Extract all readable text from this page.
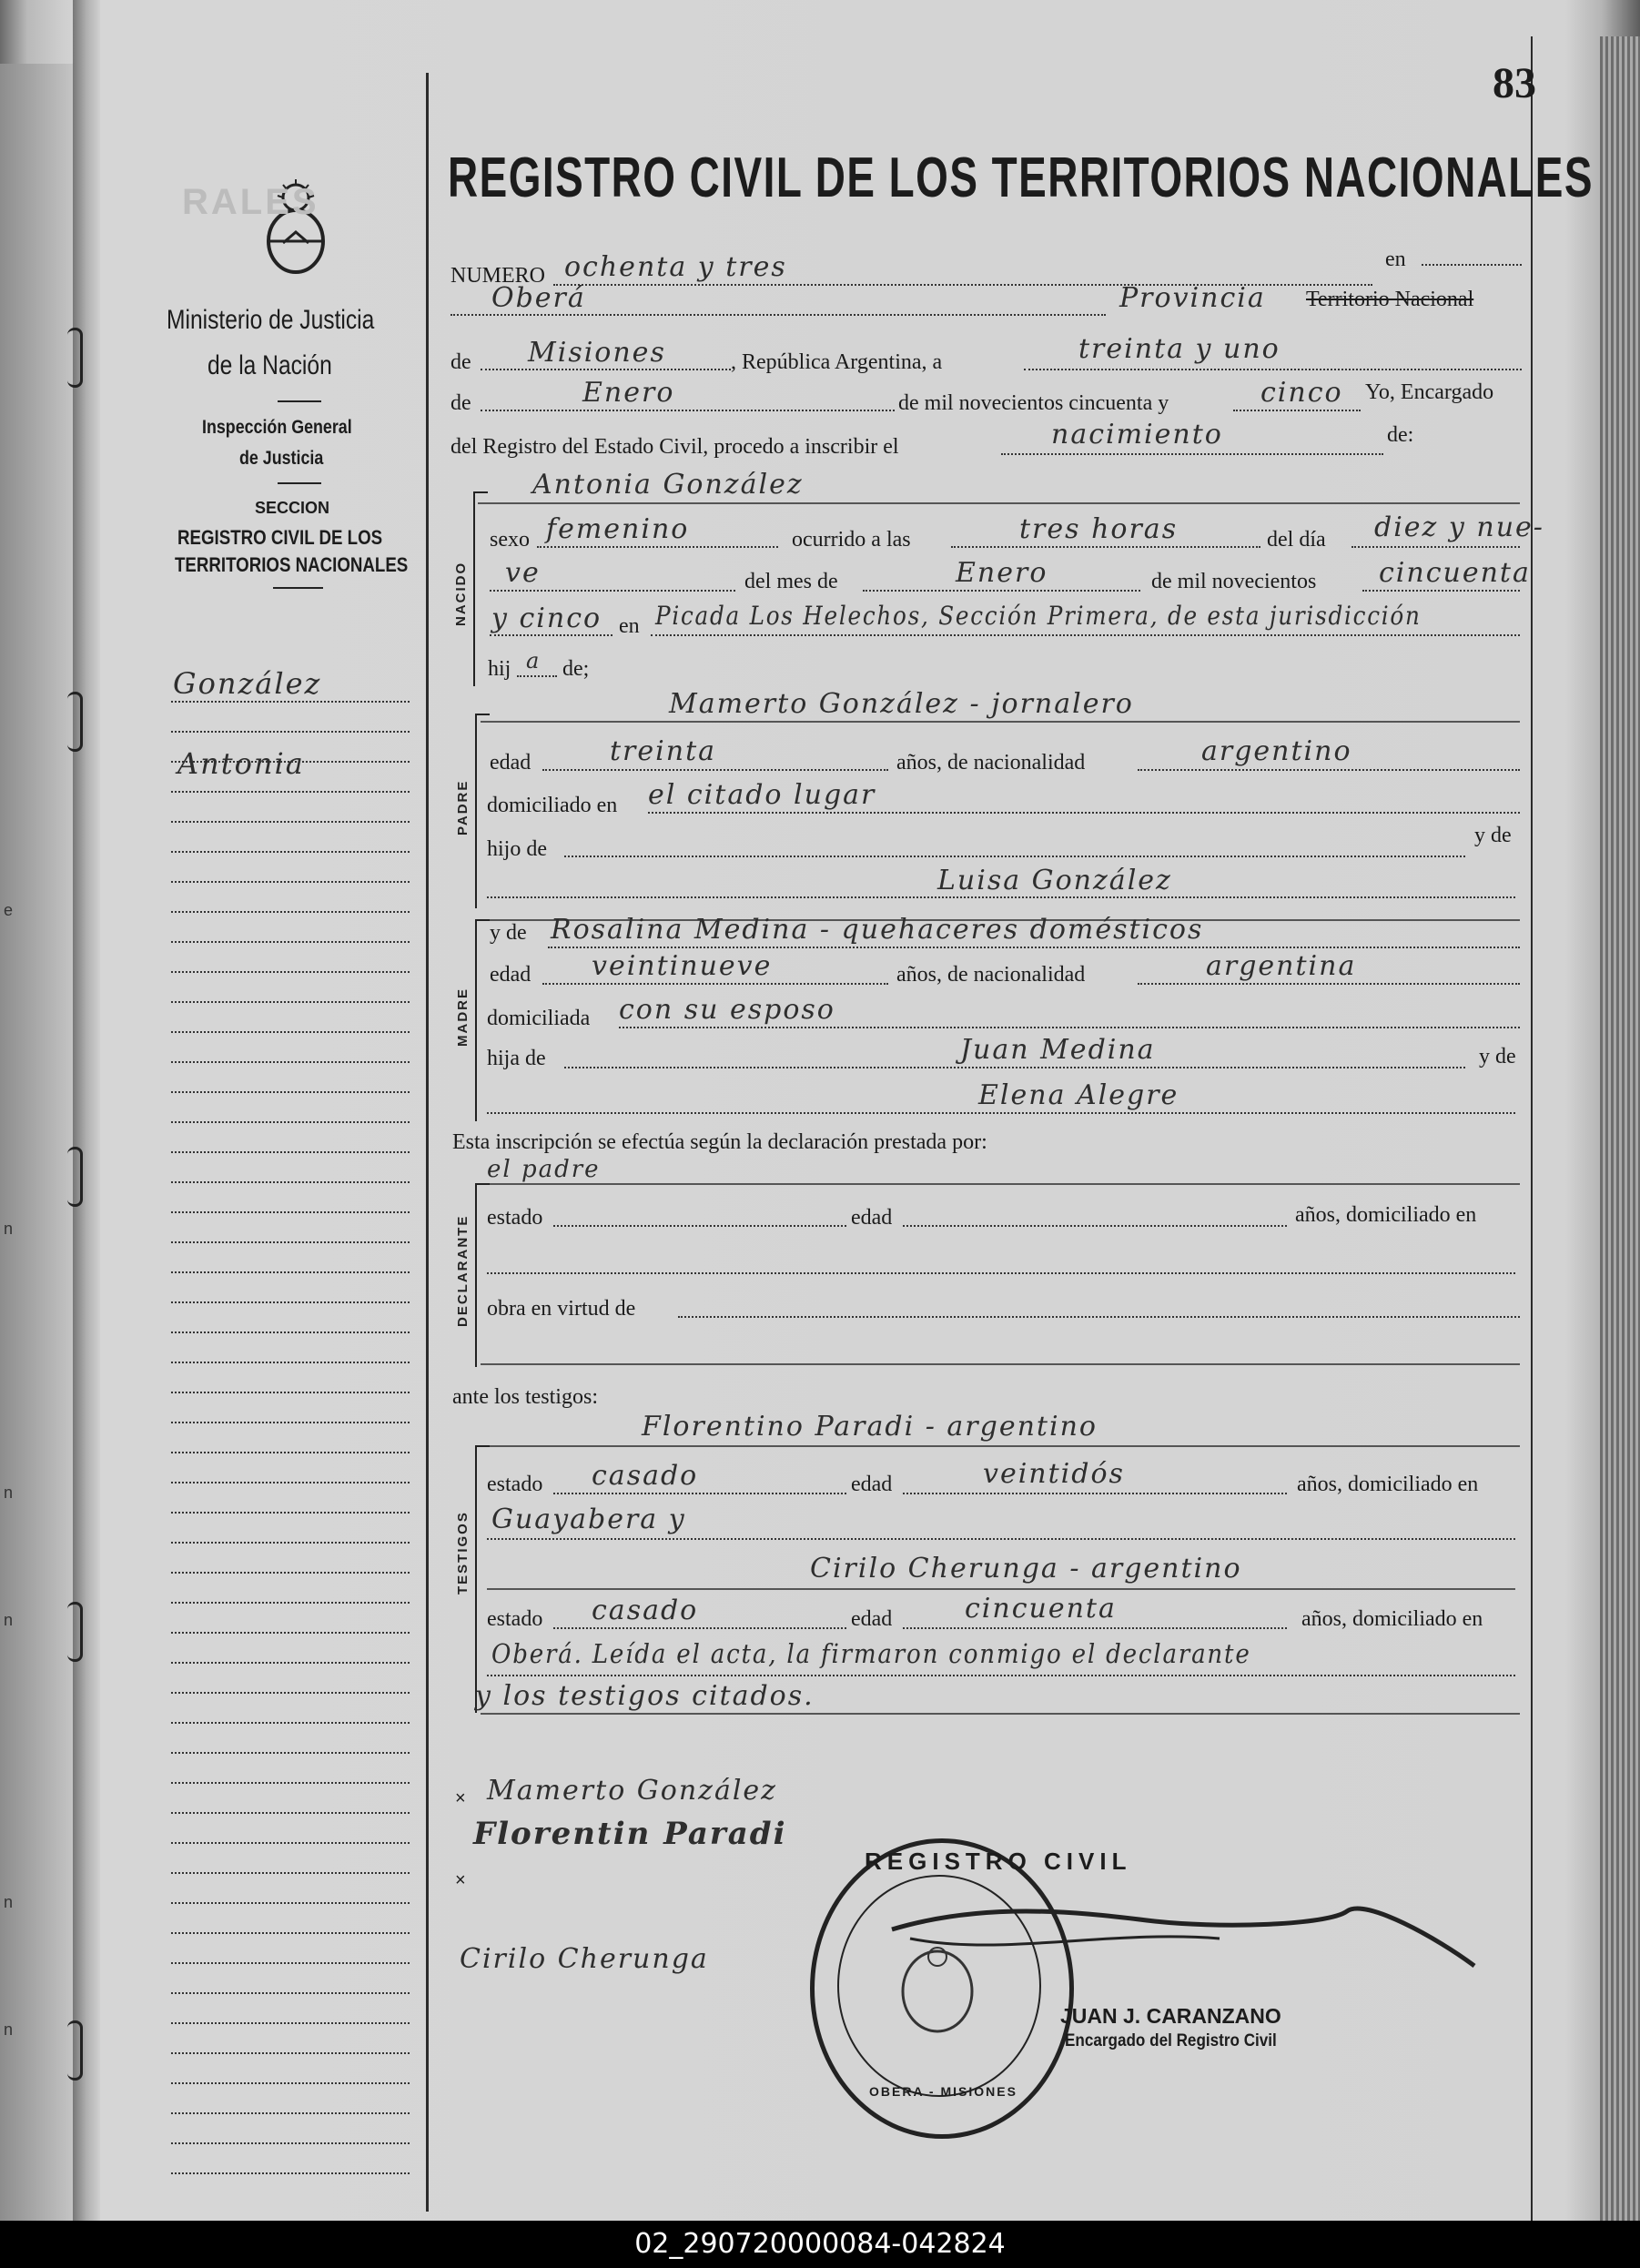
e
n
n
n
n
n
83
RALES
Ministerio de Justicia
de la Nación
Inspección General
de Justicia
SECCION
REGISTRO CIVIL DE LOS
TERRITORIOS NACIONALES
González
Antonia
REGISTRO CIVIL DE LOS TERRITORIOS NACIONALES
NUMERO ochenta y tres	en
Oberá	Provincia Territorio Nacional
de Misiones	, República Argentina, a	treinta y uno
de	Enero	de mil novecientos cincuenta y	cinco Yo, Encargado
del Registro del Estado Civil, procedo a inscribir el	nacimiento	de:
Antonia González
NACIDO
sexo femenino	ocurrido a las	tres horas	del día diez y nue-
ve	del mes de	Enero	de mil novecientos cincuenta
y cinco en Picada Los Helechos, Sección Primera, de esta jurisdicción
hij a de;
Mamerto González - jornalero
PADRE
edad	treinta	años, de nacionalidad	argentino
domiciliado en el citado lugar
hijo de
y de
Luisa González
MADRE
y de Rosalina Medina - quehaceres domésticos
edad veintinueve	años, de nacionalidad	argentina
domiciliada con su esposo
hija de	Juan Medina	y de
Elena Alegre
Esta inscripción se efectúa según la declaración prestada por:
el padre
DECLARANTE estado	edad	años, domiciliado en
obra en virtud de
ante los testigos:
Florentino Paradi - argentino
TESTIGOS
estado casado	edad	veintidós	años, domiciliado en
Guayabera y
Cirilo Cherunga - argentino
estado casado	edad	cincuenta	años, domiciliado en
Oberá. Leída el acta, la firmaron conmigo el declarante
y los testigos citados.
× Mamerto González
Florentin Paradi
×
Cirilo Cherunga
REGISTRO CIVIL
OBERA - MISIONES
JUAN J. CARANZANO
Encargado del Registro Civil
02_290720000084-042824
